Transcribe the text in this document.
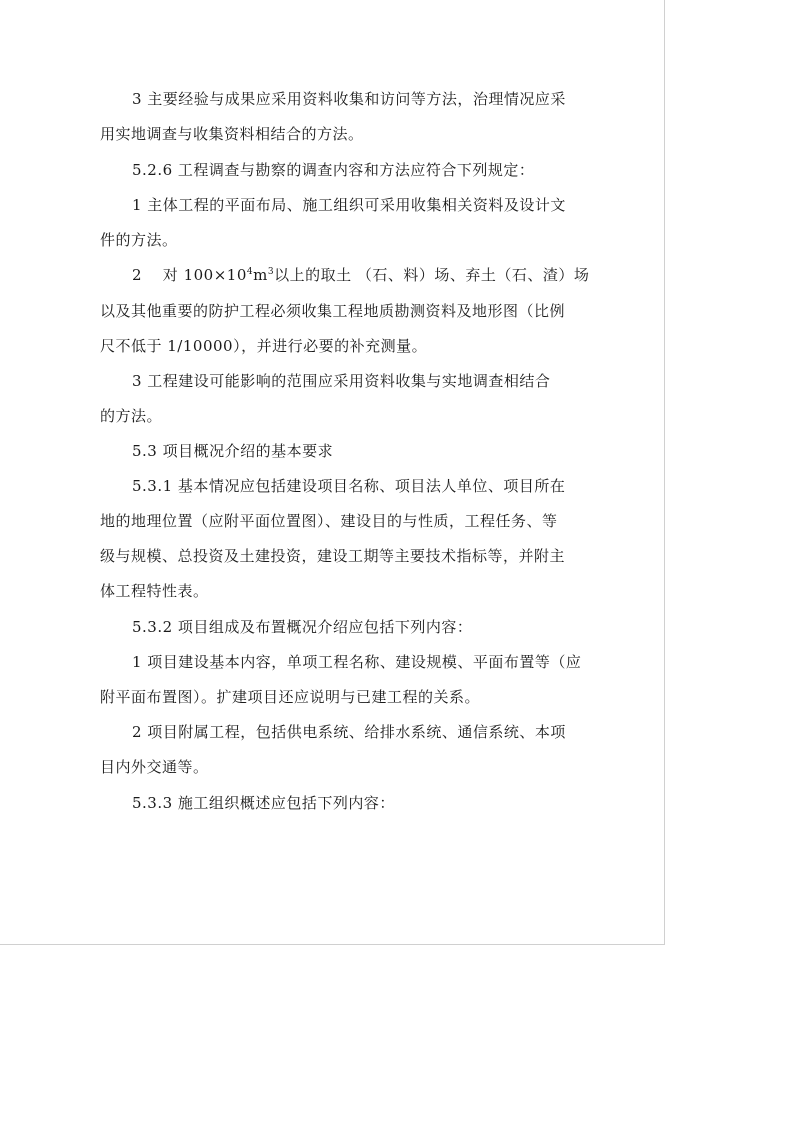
3 主要经验与成果应采用资料收集和访问等方法，治理情况应采
用实地调查与收集资料相结合的方法。
5.2.6 工程调查与勘察的调查内容和方法应符合下列规定：
1 主体工程的平面布局、施工组织可采用收集相关资料及设计文
件的方法。
2　 对 $100\times 10^4m^3$以上的取土 （石、料）场、弃土（石、渣）场
以及其他重要的防护工程必须收集工程地质勘测资料及地形图（比例
尺不低于 1/10000），并进行必要的补充测量。
3 工程建设可能影响的范围应采用资料收集与实地调查相结合
的方法。
5.3 项目概况介绍的基本要求
5.3.1 基本情况应包括建设项目名称、项目法人单位、项目所在
地的地理位置（应附平面位置图）、建设目的与性质，工程任务、等
级与规模、总投资及土建投资，建设工期等主要技术指标等，并附主
体工程特性表。
5.3.2 项目组成及布置概况介绍应包括下列内容：
1 项目建设基本内容，单项工程名称、建设规模、平面布置等（应
附平面布置图）。扩建项目还应说明与已建工程的关系。
2 项目附属工程，包括供电系统、给排水系统、通信系统、本项
目内外交通等。
5.3.3 施工组织概述应包括下列内容：
